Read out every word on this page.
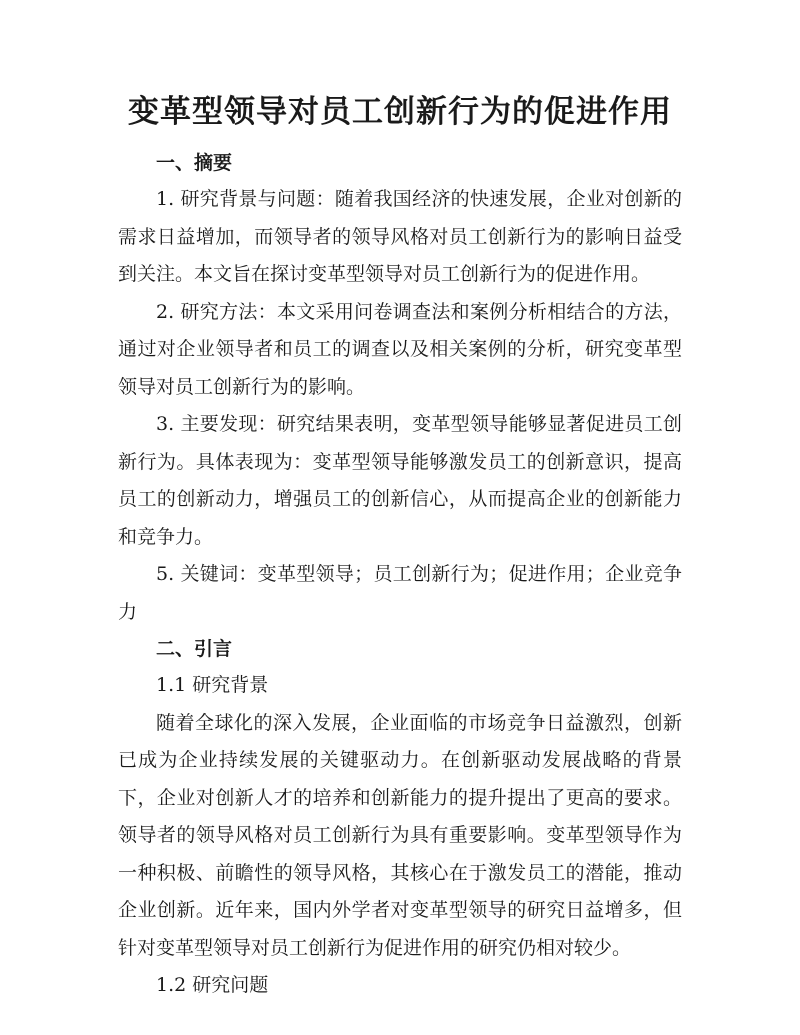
变革型领导对员工创新行为的促进作用

一、摘要

1. 研究背景与问题：随着我国经济的快速发展，企业对创新的需求日益增加，而领导者的领导风格对员工创新行为的影响日益受到关注。本文旨在探讨变革型领导对员工创新行为的促进作用。

2. 研究方法：本文采用问卷调查法和案例分析相结合的方法，通过对企业领导者和员工的调查以及相关案例的分析，研究变革型领导对员工创新行为的影响。

3. 主要发现：研究结果表明，变革型领导能够显著促进员工创新行为。具体表现为：变革型领导能够激发员工的创新意识，提高员工的创新动力，增强员工的创新信心，从而提高企业的创新能力和竞争力。

5. 关键词：变革型领导；员工创新行为；促进作用；企业竞争力

二、引言

1.1 研究背景

随着全球化的深入发展，企业面临的市场竞争日益激烈，创新已成为企业持续发展的关键驱动力。在创新驱动发展战略的背景下，企业对创新人才的培养和创新能力的提升提出了更高的要求。领导者的领导风格对员工创新行为具有重要影响。变革型领导作为一种积极、前瞻性的领导风格，其核心在于激发员工的潜能，推动企业创新。近年来，国内外学者对变革型领导的研究日益增多，但针对变革型领导对员工创新行为促进作用的研究仍相对较少。

1.2 研究问题
